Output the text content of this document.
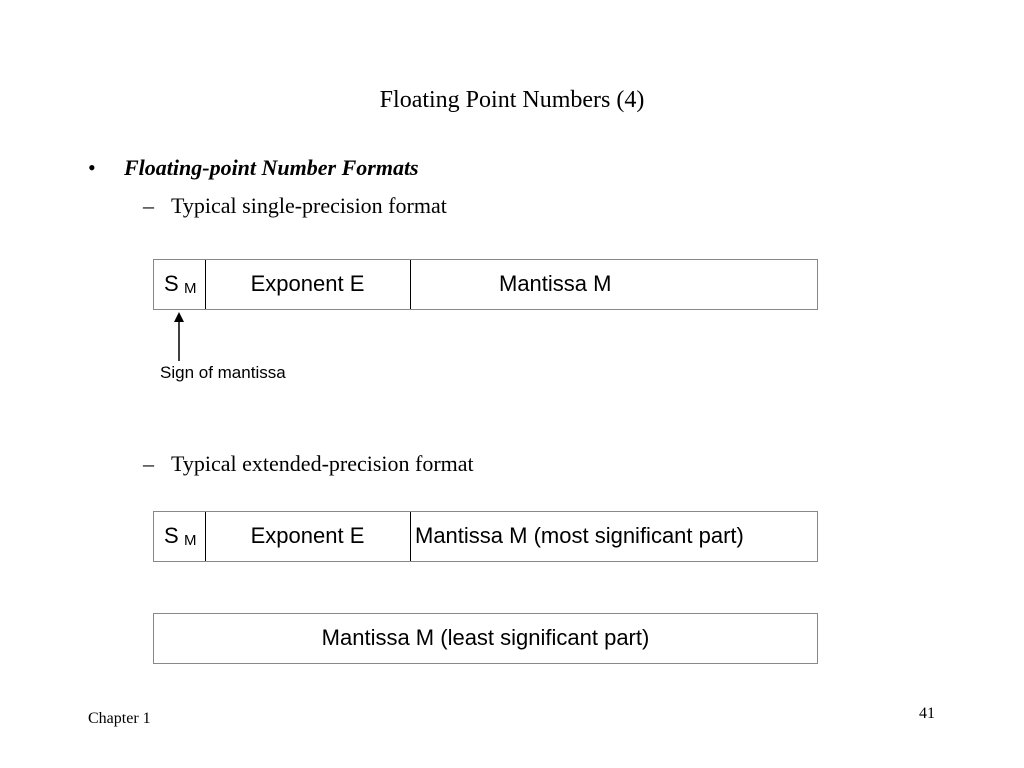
Floating Point Numbers (4)
• Floating-point Number Formats
– Typical single-precision format
S M	Exponent E	Mantissa M
Sign of mantissa
– Typical extended-precision format
S M	Exponent E	Mantissa M (most significant part)
Mantissa M (least significant part)
Chapter 1	41
